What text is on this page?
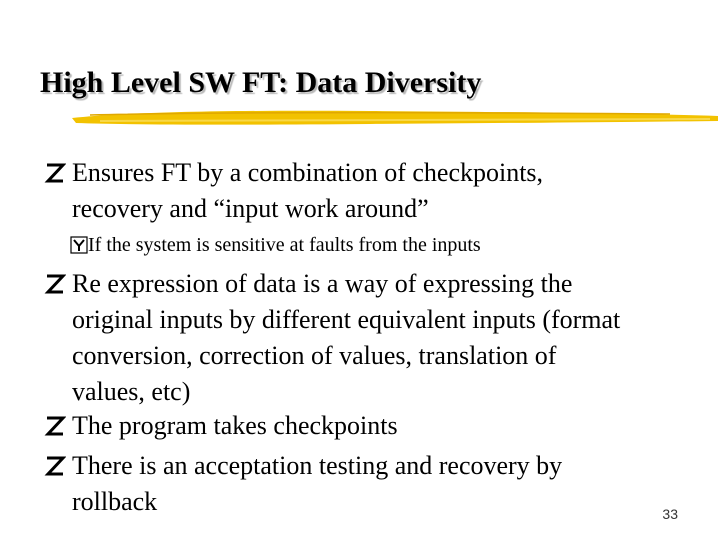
High Level SW FT: Data Diversity
Ensures FT by a combination of checkpoints,
recovery and “input work around”
If the system is sensitive at faults from the inputs
Re expression of data is a way of expressing the
original inputs by different equivalent inputs (format
conversion, correction of values, translation of
values, etc)
The program takes checkpoints
There is an acceptation testing and recovery by
rollback	33
